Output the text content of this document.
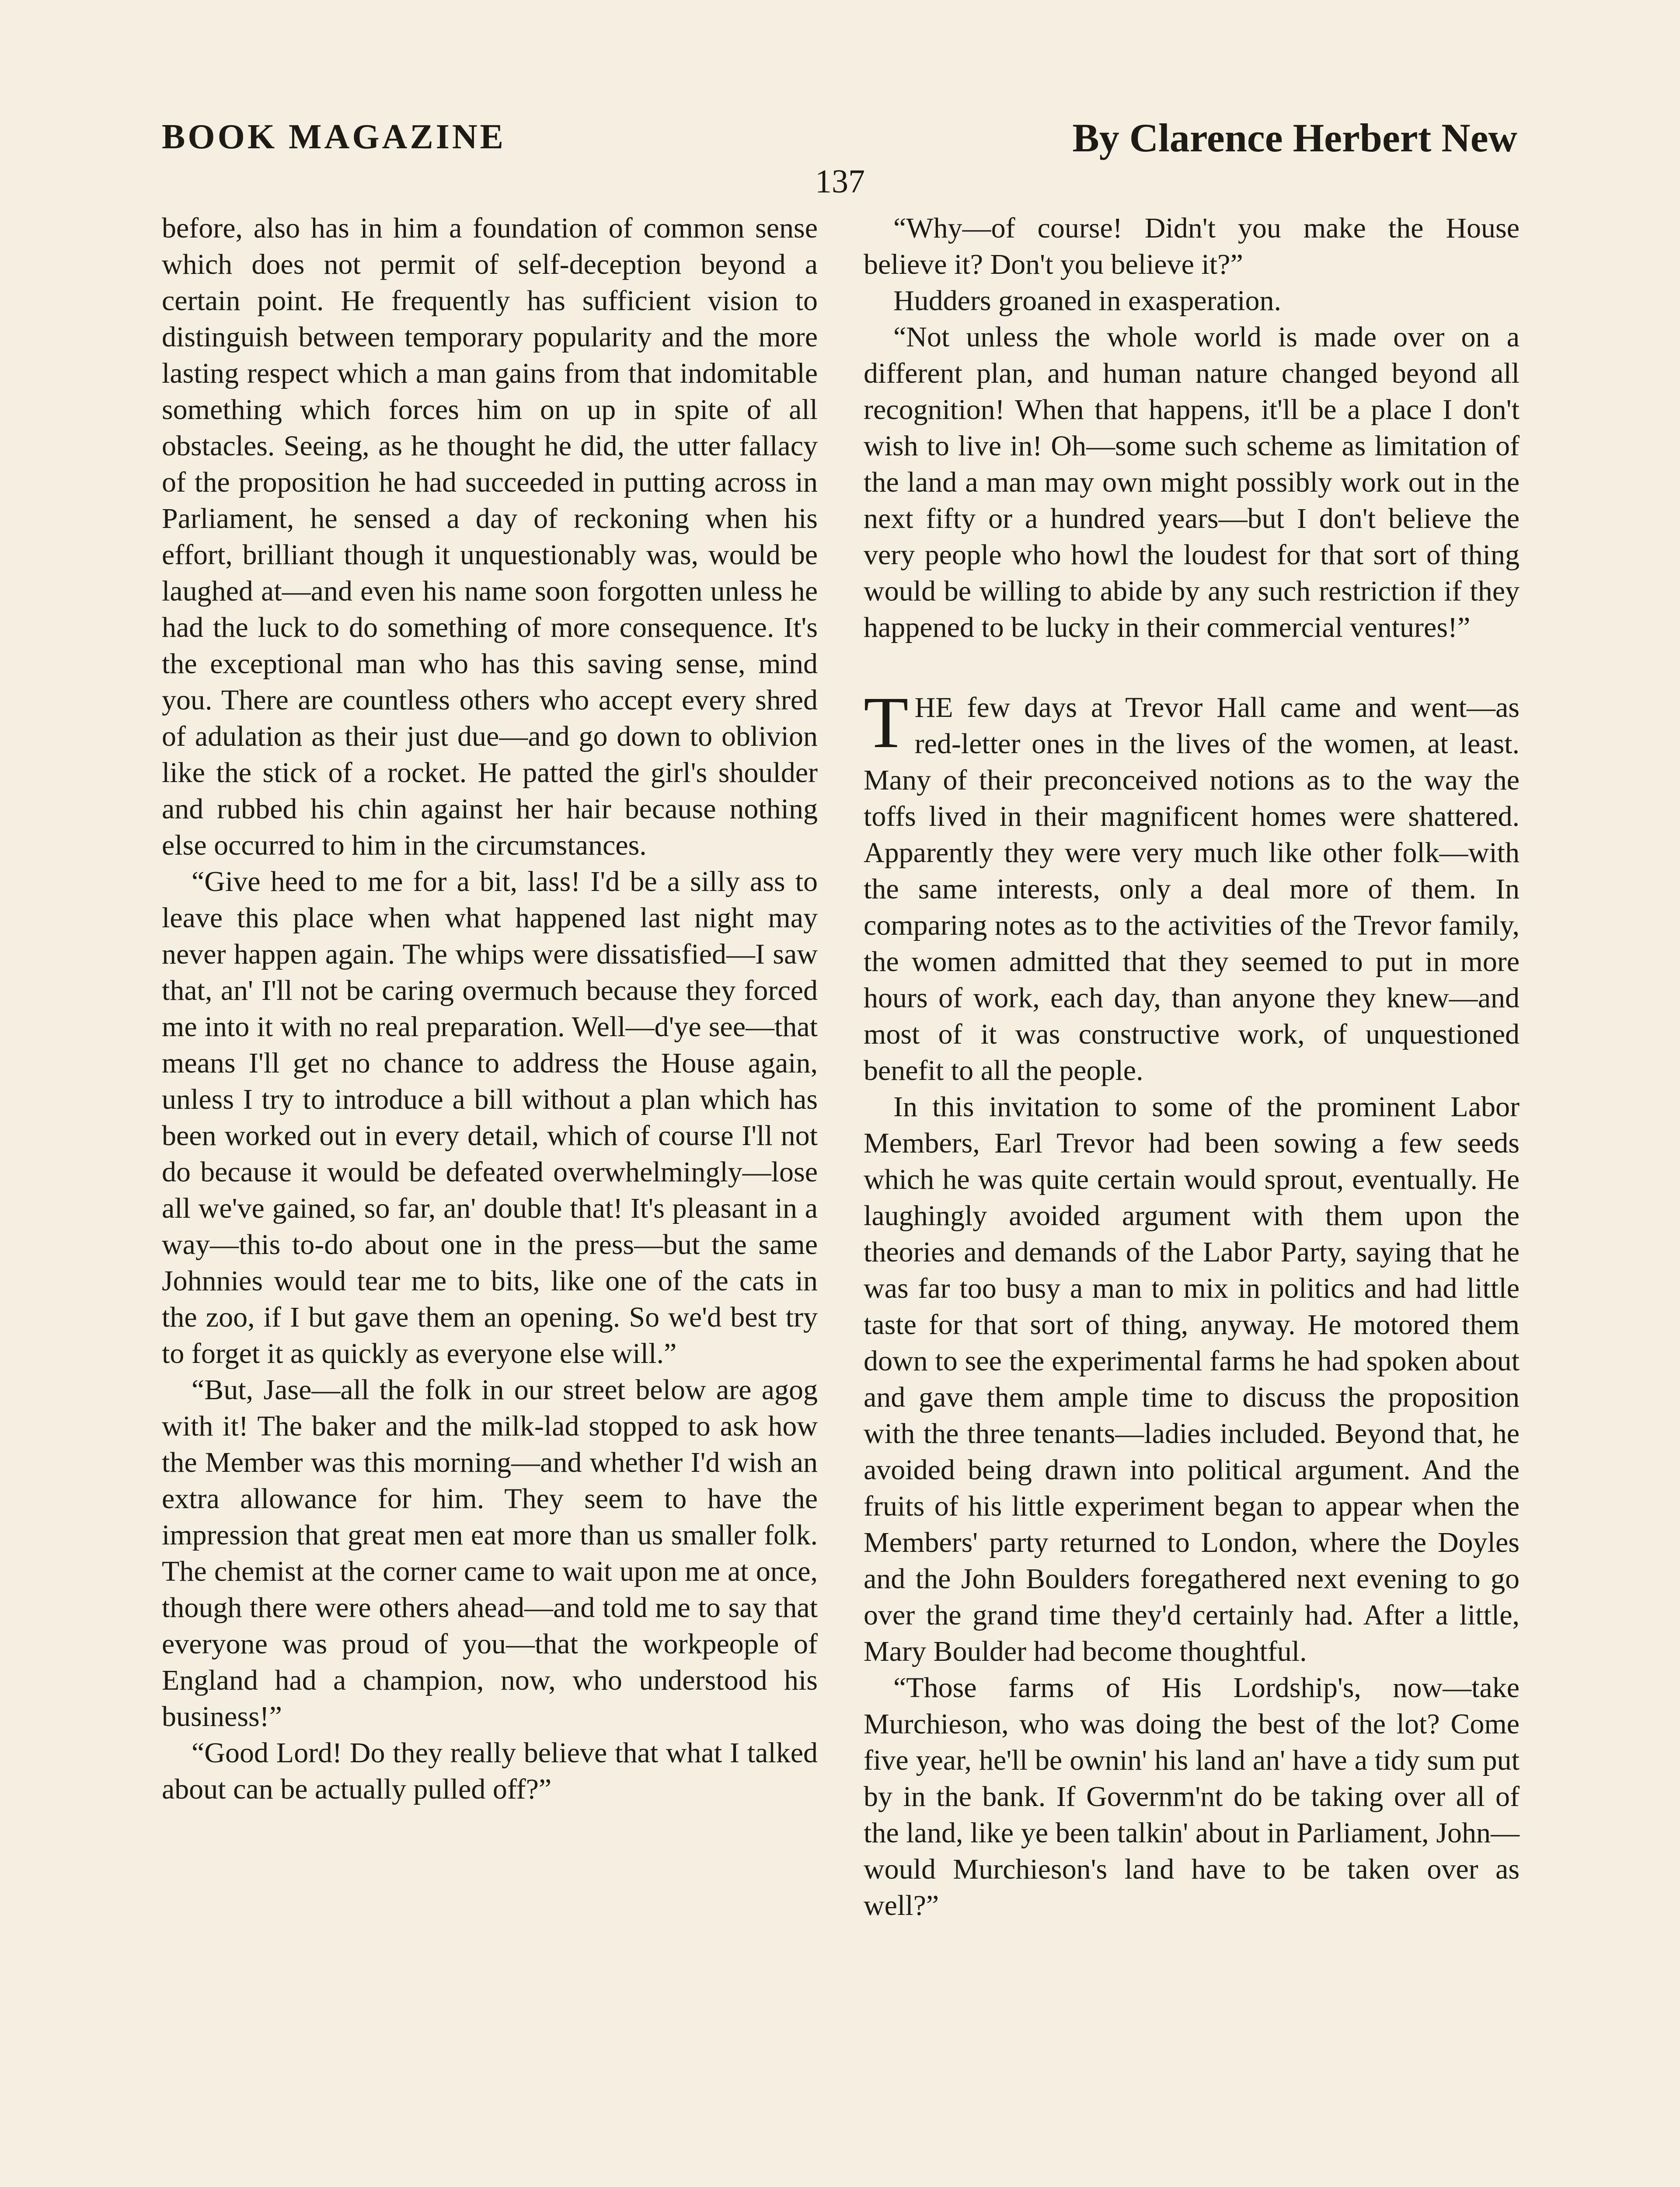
BOOK MAGAZINE	By Clarence Herbert New
137

before, also has in him a foundation of common sense which does not permit of self-deception beyond a certain point. He frequently has sufficient vision to distinguish between temporary popularity and the more lasting respect which a man gains from that indomitable something which forces him on up in spite of all obstacles. Seeing, as he thought he did, the utter fallacy of the proposition he had succeeded in putting across in Parliament, he sensed a day of reckoning when his effort, brilliant though it unquestionably was, would be laughed at—and even his name soon forgotten unless he had the luck to do something of more consequence. It's the exceptional man who has this saving sense, mind you. There are countless others who accept every shred of adulation as their just due—and go down to oblivion like the stick of a rocket. He patted the girl's shoulder and rubbed his chin against her hair because nothing else occurred to him in the circumstances.

“Give heed to me for a bit, lass! I'd be a silly ass to leave this place when what happened last night may never happen again. The whips were dissatisfied—I saw that, an' I'll not be caring overmuch because they forced me into it with no real preparation. Well—d'ye see—that means I'll get no chance to address the House again, unless I try to introduce a bill without a plan which has been worked out in every detail, which of course I'll not do because it would be defeated overwhelmingly—lose all we've gained, so far, an' double that! It's pleasant in a way—this to-do about one in the press—but the same Johnnies would tear me to bits, like one of the cats in the zoo, if I but gave them an opening. So we'd best try to forget it as quickly as everyone else will.”

“But, Jase—all the folk in our street below are agog with it! The baker and the milk-lad stopped to ask how the Member was this morning—and whether I'd wish an extra allowance for him. They seem to have the impression that great men eat more than us smaller folk. The chemist at the corner came to wait upon me at once, though there were others ahead—and told me to say that everyone was proud of you—that the workpeople of England had a champion, now, who understood his business!”

“Good Lord! Do they really believe that what I talked about can be actually pulled off?”

“Why—of course! Didn't you make the House believe it? Don't you believe it?”

Hudders groaned in exasperation.

“Not unless the whole world is made over on a different plan, and human nature changed beyond all recognition! When that happens, it'll be a place I don't wish to live in! Oh—some such scheme as limitation of the land a man may own might possibly work out in the next fifty or a hundred years—but I don't believe the very people who howl the loudest for that sort of thing would be willing to abide by any such restriction if they happened to be lucky in their commercial ventures!”

THE few days at Trevor Hall came and went—as red-letter ones in the lives of the women, at least. Many of their preconceived notions as to the way the toffs lived in their magnificent homes were shattered. Apparently they were very much like other folk—with the same interests, only a deal more of them. In comparing notes as to the activities of the Trevor family, the women admitted that they seemed to put in more hours of work, each day, than anyone they knew—and most of it was constructive work, of unquestioned benefit to all the people.

In this invitation to some of the prominent Labor Members, Earl Trevor had been sowing a few seeds which he was quite certain would sprout, eventually. He laughingly avoided argument with them upon the theories and demands of the Labor Party, saying that he was far too busy a man to mix in politics and had little taste for that sort of thing, anyway. He motored them down to see the experimental farms he had spoken about and gave them ample time to discuss the proposition with the three tenants—ladies included. Beyond that, he avoided being drawn into political argument. And the fruits of his little experiment began to appear when the Members' party returned to London, where the Doyles and the John Boulders foregathered next evening to go over the grand time they'd certainly had. After a little, Mary Boulder had become thoughtful.

“Those farms of His Lordship's, now—take Murchieson, who was doing the best of the lot? Come five year, he'll be ownin' his land an' have a tidy sum put by in the bank. If Governm'nt do be taking over all of the land, like ye been talkin' about in Parliament, John—would Murchieson's land have to be taken over as well?”
